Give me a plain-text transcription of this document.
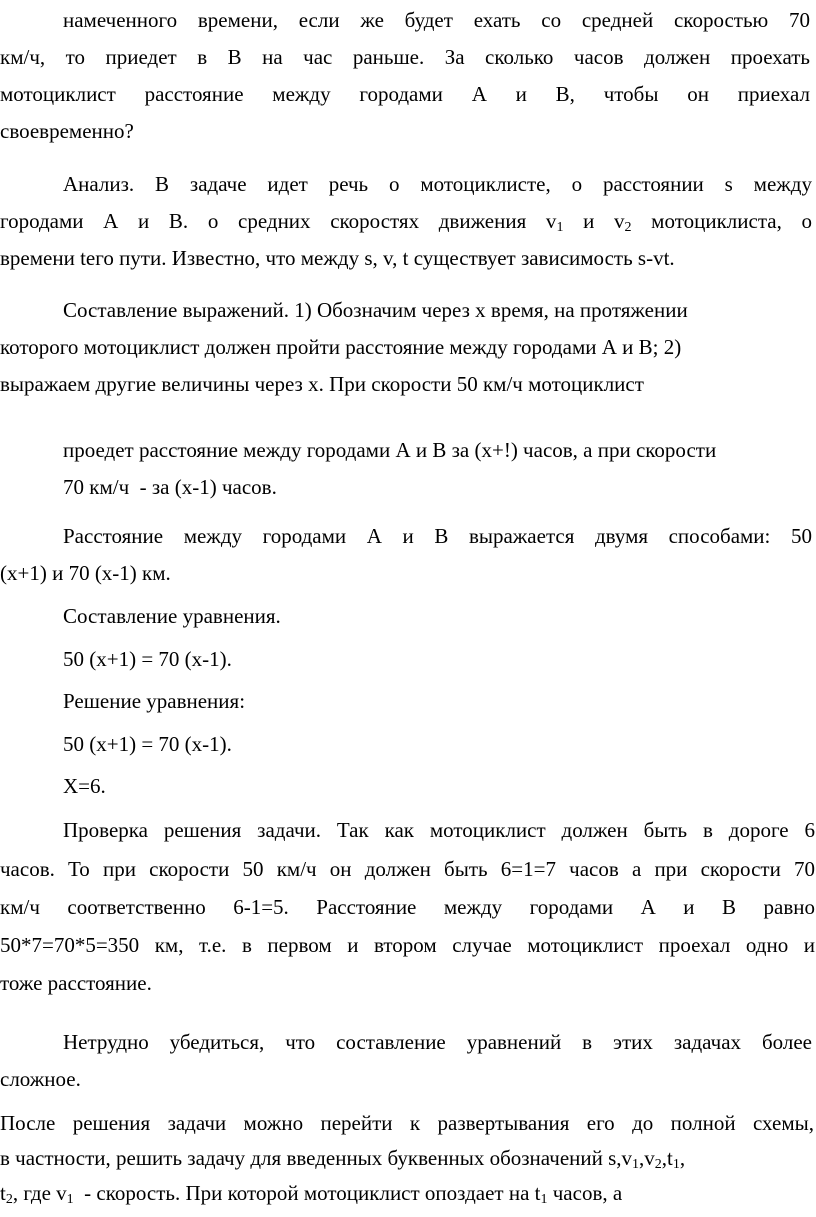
намеченного времени, если же будет ехать со средней скоростью 70
км/ч, то приедет в В на час раньше. За сколько часов должен проехать
мотоциклист расстояние между городами А и В, чтобы он приехал
своевременно?
Анализ. В задаче идет речь о мотоциклисте, о расстоянии s между
городами А и В. о средних скоростях движения $v_1$ и $v_2$ мотоциклиста, о
времени tего пути. Известно, что между s, v, t существует зависимость s-vt.
Составление выражений. 1) Обозначим через х время, на протяжении
которого мотоциклист должен пройти расстояние между городами А и В; 2)
выражаем другие величины через х. При скорости 50 км/ч мотоциклист
проедет расстояние между городами А и В за (х+!) часов, а при скорости
70 км/ч  - за (х-1) часов.
Расстояние между городами А и В выражается двумя способами: 50
(х+1) и 70 (х-1) км.
Составление уравнения.
50 (х+1) = 70 (х-1).
Решение уравнения:
50 (х+1) = 70 (х-1).
Х=6.
Проверка решения задачи. Так как мотоциклист должен быть в дороге 6
часов. То при скорости 50 км/ч он должен быть 6=1=7 часов а при скорости 70
км/ч соответственно 6-1=5. Расстояние между городами А и В равно
50*7=70*5=350 км, т.е. в первом и втором случае мотоциклист проехал одно и
тоже расстояние.
Нетрудно убедиться, что составление уравнений в этих задачах более
сложное.
После решения задачи можно перейти к развертывания его до полной схемы,
в частности, решить задачу для введенных буквенных обозначений $s,v_1,v_2,t_1$,
$t_2$, где $v_1$  - скорость. При которой мотоциклист опоздает на $t_1$ часов, а
